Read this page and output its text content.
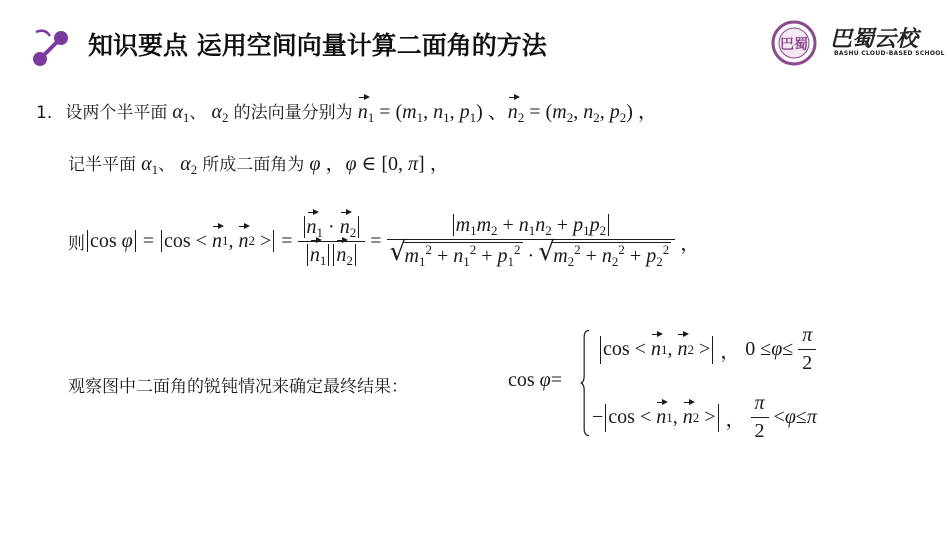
知识要点 运用空间向量计算二面角的方法	巴蜀 巴蜀云校
BASHU CLOUD-BASED SCHOOL
1. 设两个半平面 $\alpha_1$、 $\alpha_2$ 的法向量分别为 $n_1 = (m_1$, $n_1$, $p_1$) 、$n_2 = (m_2$, $n_2$, $p_2$) ，
记半平面 $\alpha_1$、 $\alpha_2$ 所成二面角为 φ ，φ ∈ [0, π] ，
则 cos
φ = cos < n 1 , n 2 >
= $\frac{n_1 \cdot n_2}{n_1 n_2} = m_1m_2 + n_1n_2 + p_1p_2$
√ $m_1^2 + n_1^2 + p_1^2$ · √ $m_2^2 + n_2^2 + p_2^2$ ，
观察图中二面角的锐钝情况来确定最终结果：	cos φ=
cos < n 1 , n 2 >
， $0 \le \varphi \le \frac{\pi}{2}$
− cos < n 1 , n 2 >
，
$\frac{\pi}{2} < \varphi \le \pi$
